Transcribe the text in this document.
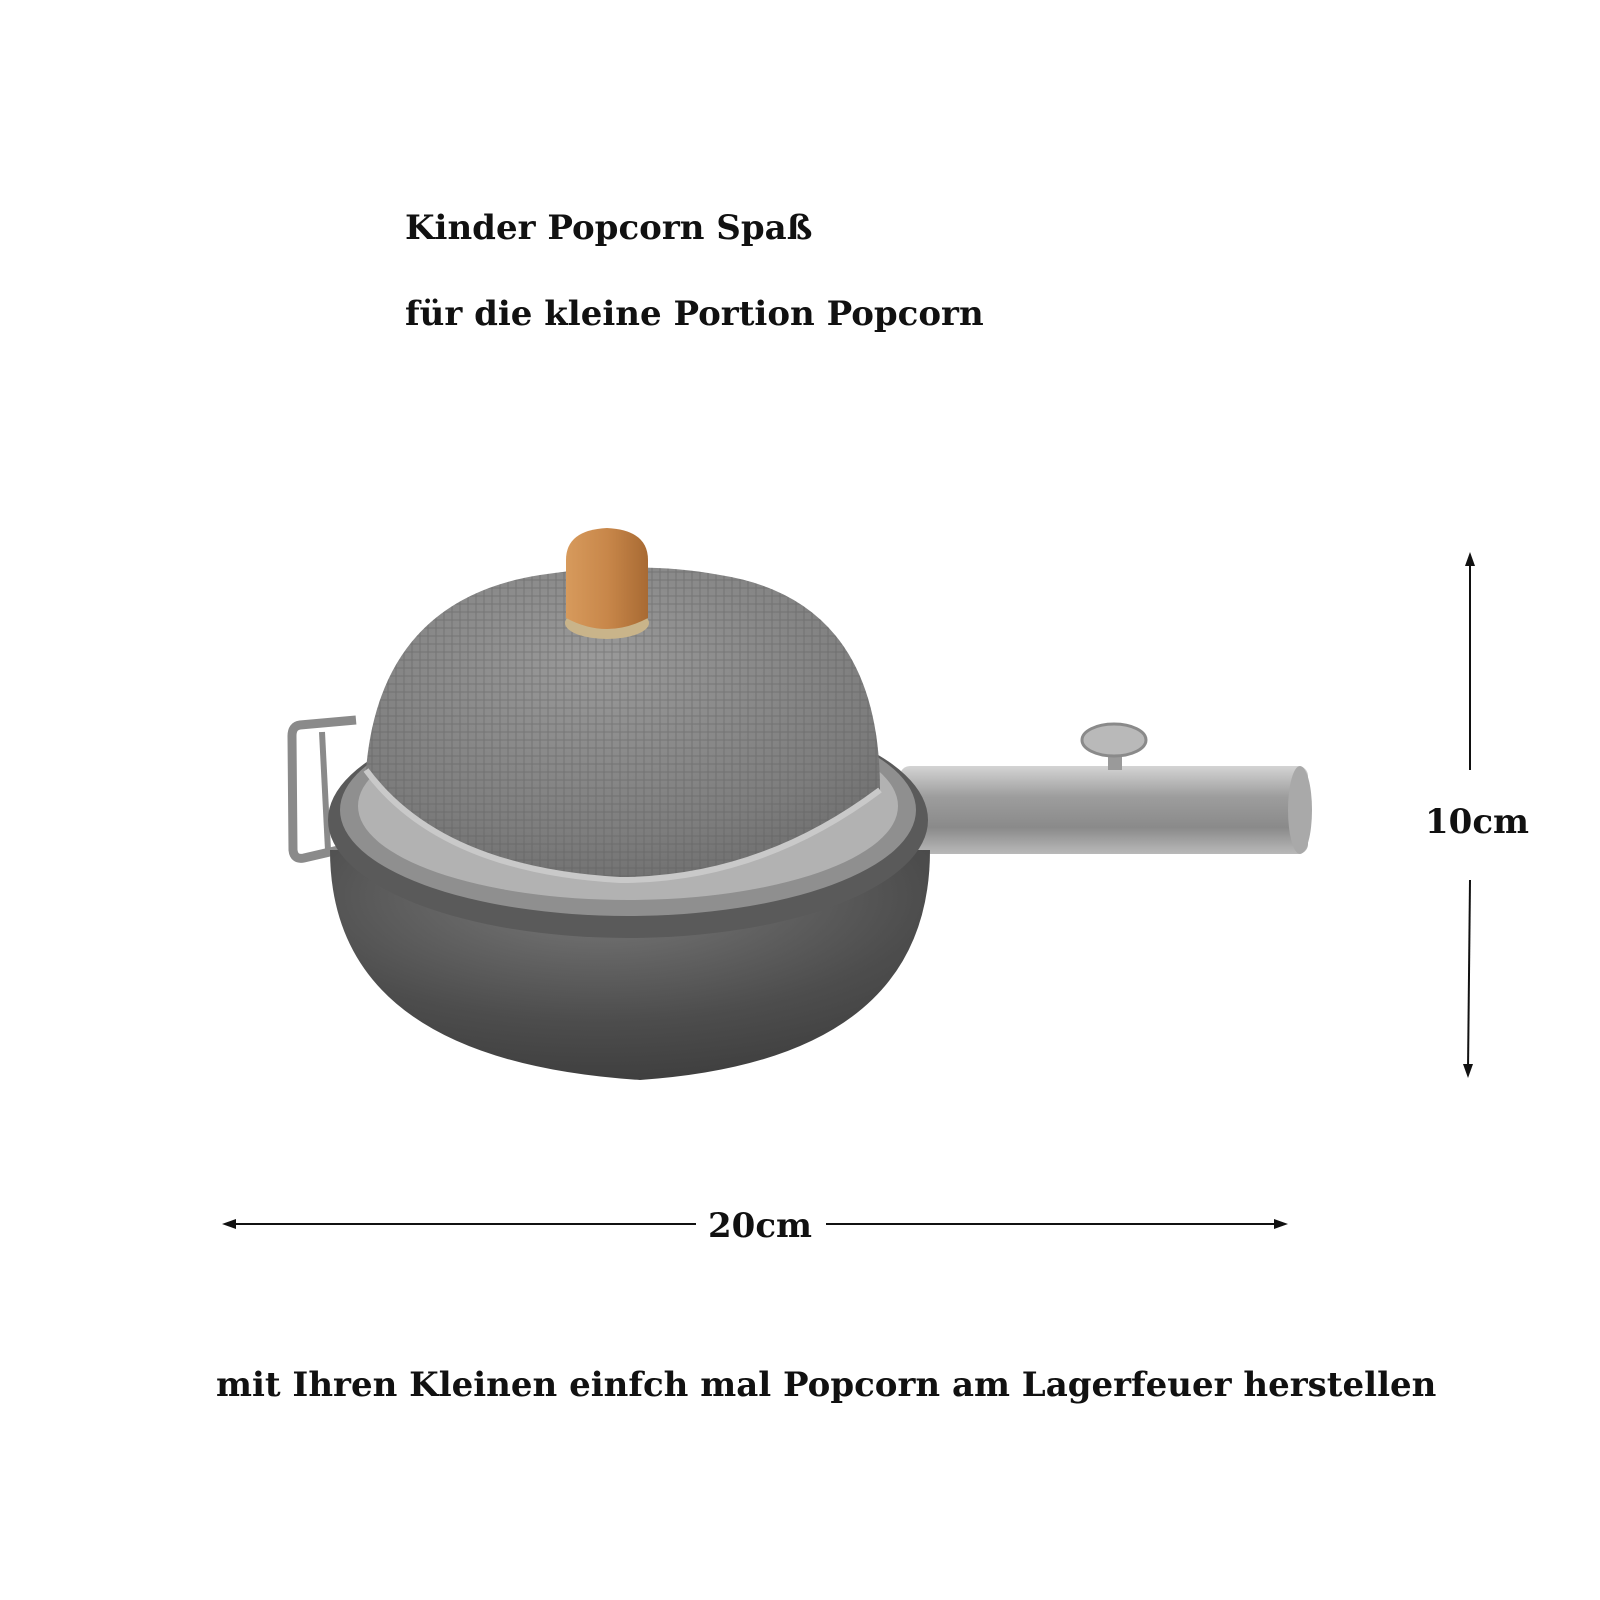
Kinder Popcorn Spaß
für die kleine Portion Popcorn
10cm
20cm
mit Ihren Kleinen einfch mal Popcorn am Lagerfeuer herstellen
